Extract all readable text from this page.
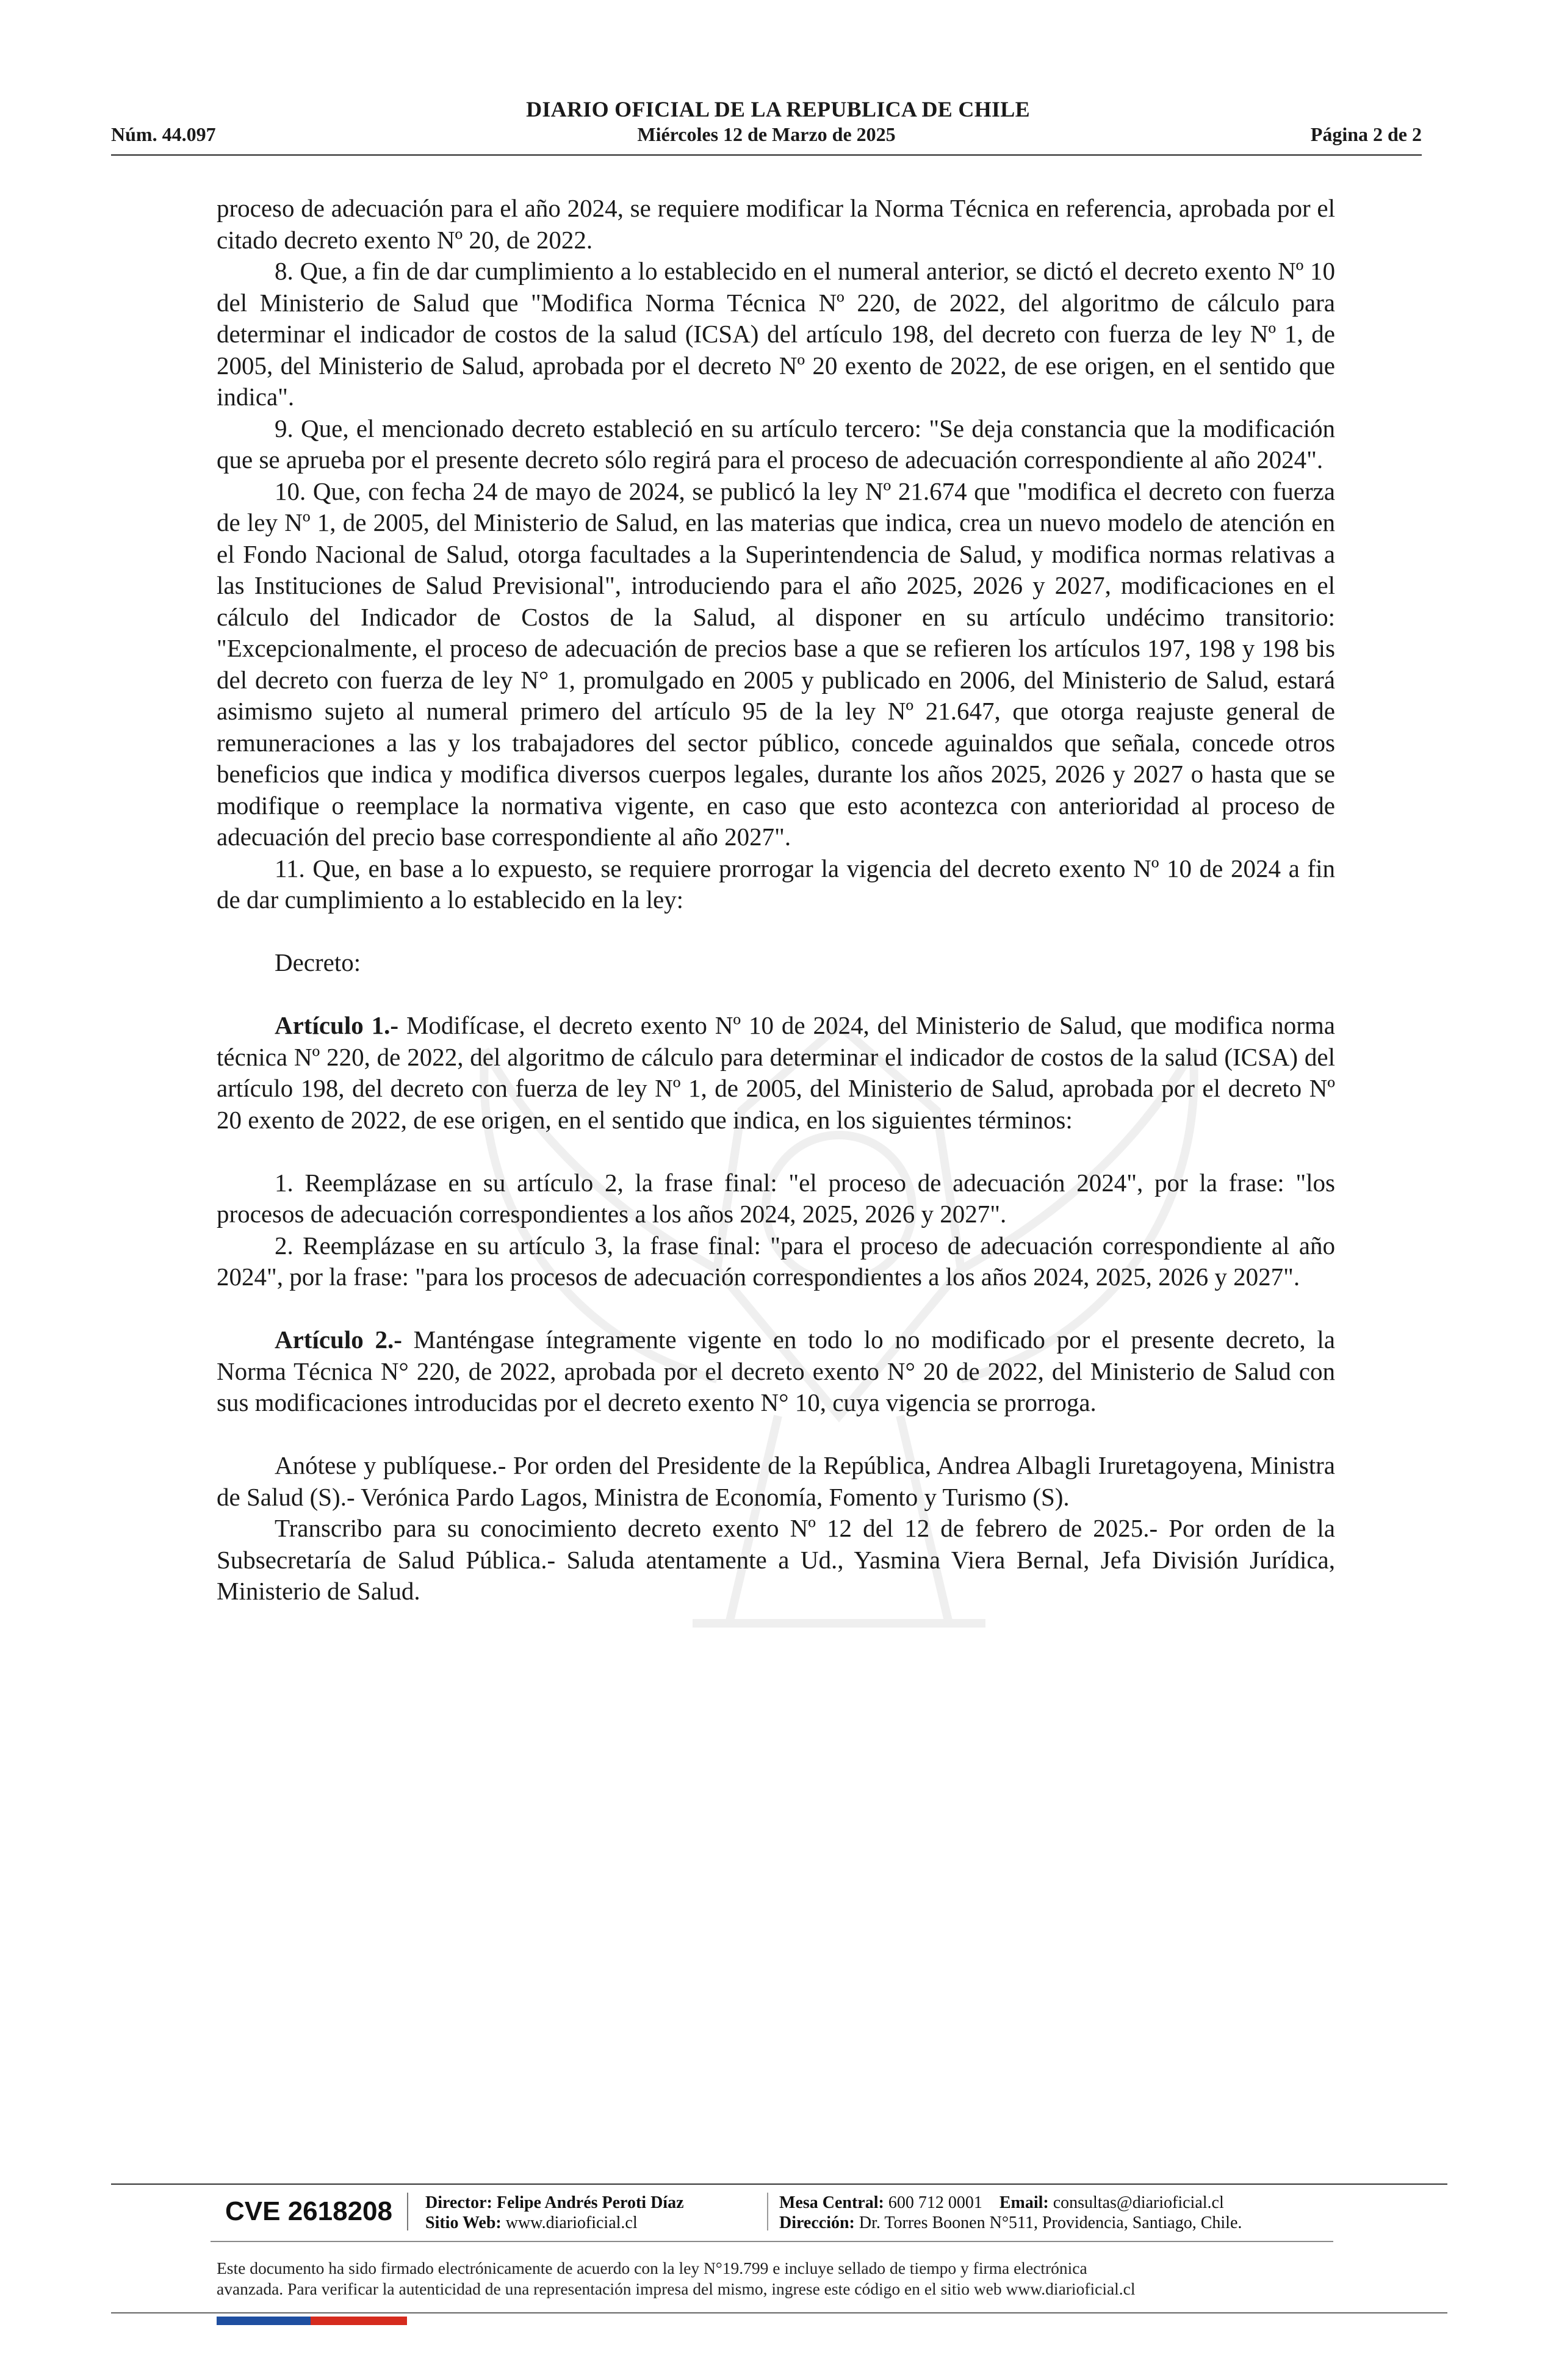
DIARIO OFICIAL DE LA REPUBLICA DE CHILE
Núm. 44.097	Miércoles 12 de Marzo de 2025	Página 2 de 2

proceso de adecuación para el año 2024, se requiere modificar la Norma Técnica en referencia, aprobada por el citado decreto exento Nº 20, de 2022.

8. Que, a fin de dar cumplimiento a lo establecido en el numeral anterior, se dictó el decreto exento Nº 10 del Ministerio de Salud que "Modifica Norma Técnica Nº 220, de 2022, del algoritmo de cálculo para determinar el indicador de costos de la salud (ICSA) del artículo 198, del decreto con fuerza de ley Nº 1, de 2005, del Ministerio de Salud, aprobada por el decreto Nº 20 exento de 2022, de ese origen, en el sentido que indica".

9. Que, el mencionado decreto estableció en su artículo tercero: "Se deja constancia que la modificación que se aprueba por el presente decreto sólo regirá para el proceso de adecuación correspondiente al año 2024".

10. Que, con fecha 24 de mayo de 2024, se publicó la ley Nº 21.674 que "modifica el decreto con fuerza de ley Nº 1, de 2005, del Ministerio de Salud, en las materias que indica, crea un nuevo modelo de atención en el Fondo Nacional de Salud, otorga facultades a la Superintendencia de Salud, y modifica normas relativas a las Instituciones de Salud Previsional", introduciendo para el año 2025, 2026 y 2027, modificaciones en el cálculo del Indicador de Costos de la Salud, al disponer en su artículo undécimo transitorio: "Excepcionalmente, el proceso de adecuación de precios base a que se refieren los artículos 197, 198 y 198 bis del decreto con fuerza de ley N° 1, promulgado en 2005 y publicado en 2006, del Ministerio de Salud, estará asimismo sujeto al numeral primero del artículo 95 de la ley Nº 21.647, que otorga reajuste general de remuneraciones a las y los trabajadores del sector público, concede aguinaldos que señala, concede otros beneficios que indica y modifica diversos cuerpos legales, durante los años 2025, 2026 y 2027 o hasta que se modifique o reemplace la normativa vigente, en caso que esto acontezca con anterioridad al proceso de adecuación del precio base correspondiente al año 2027".

11. Que, en base a lo expuesto, se requiere prorrogar la vigencia del decreto exento Nº 10 de 2024 a fin de dar cumplimiento a lo establecido en la ley:

Decreto:

Artículo 1.- Modifícase, el decreto exento Nº 10 de 2024, del Ministerio de Salud, que modifica norma técnica Nº 220, de 2022, del algoritmo de cálculo para determinar el indicador de costos de la salud (ICSA) del artículo 198, del decreto con fuerza de ley Nº 1, de 2005, del Ministerio de Salud, aprobada por el decreto Nº 20 exento de 2022, de ese origen, en el sentido que indica, en los siguientes términos:

1. Reemplázase en su artículo 2, la frase final: "el proceso de adecuación 2024", por la frase: "los procesos de adecuación correspondientes a los años 2024, 2025, 2026 y 2027".

2. Reemplázase en su artículo 3, la frase final: "para el proceso de adecuación correspondiente al año 2024", por la frase: "para los procesos de adecuación correspondientes a los años 2024, 2025, 2026 y 2027".

Artículo 2.- Manténgase íntegramente vigente en todo lo no modificado por el presente decreto, la Norma Técnica N° 220, de 2022, aprobada por el decreto exento N° 20 de 2022, del Ministerio de Salud con sus modificaciones introducidas por el decreto exento N° 10, cuya vigencia se prorroga.

Anótese y publíquese.- Por orden del Presidente de la República, Andrea Albagli Iruretagoyena, Ministra de Salud (S).- Verónica Pardo Lagos, Ministra de Economía, Fomento y Turismo (S).

Transcribo para su conocimiento decreto exento Nº 12 del 12 de febrero de 2025.- Por orden de la Subsecretaría de Salud Pública.- Saluda atentamente a Ud., Yasmina Viera Bernal, Jefa División Jurídica, Ministerio de Salud.

CVE 2618208	Director: Felipe Andrés Peroti Díaz
Sitio Web: www.diarioficial.cl
Mesa Central: 600 712 0001 Email: consultas@diarioficial.cl
Dirección: Dr. Torres Boonen N°511, Providencia, Santiago, Chile.
Este documento ha sido firmado electrónicamente de acuerdo con la ley N°19.799 e incluye sellado de tiempo y firma electrónica
avanzada. Para verificar la autenticidad de una representación impresa del mismo, ingrese este código en el sitio web www.diarioficial.cl
